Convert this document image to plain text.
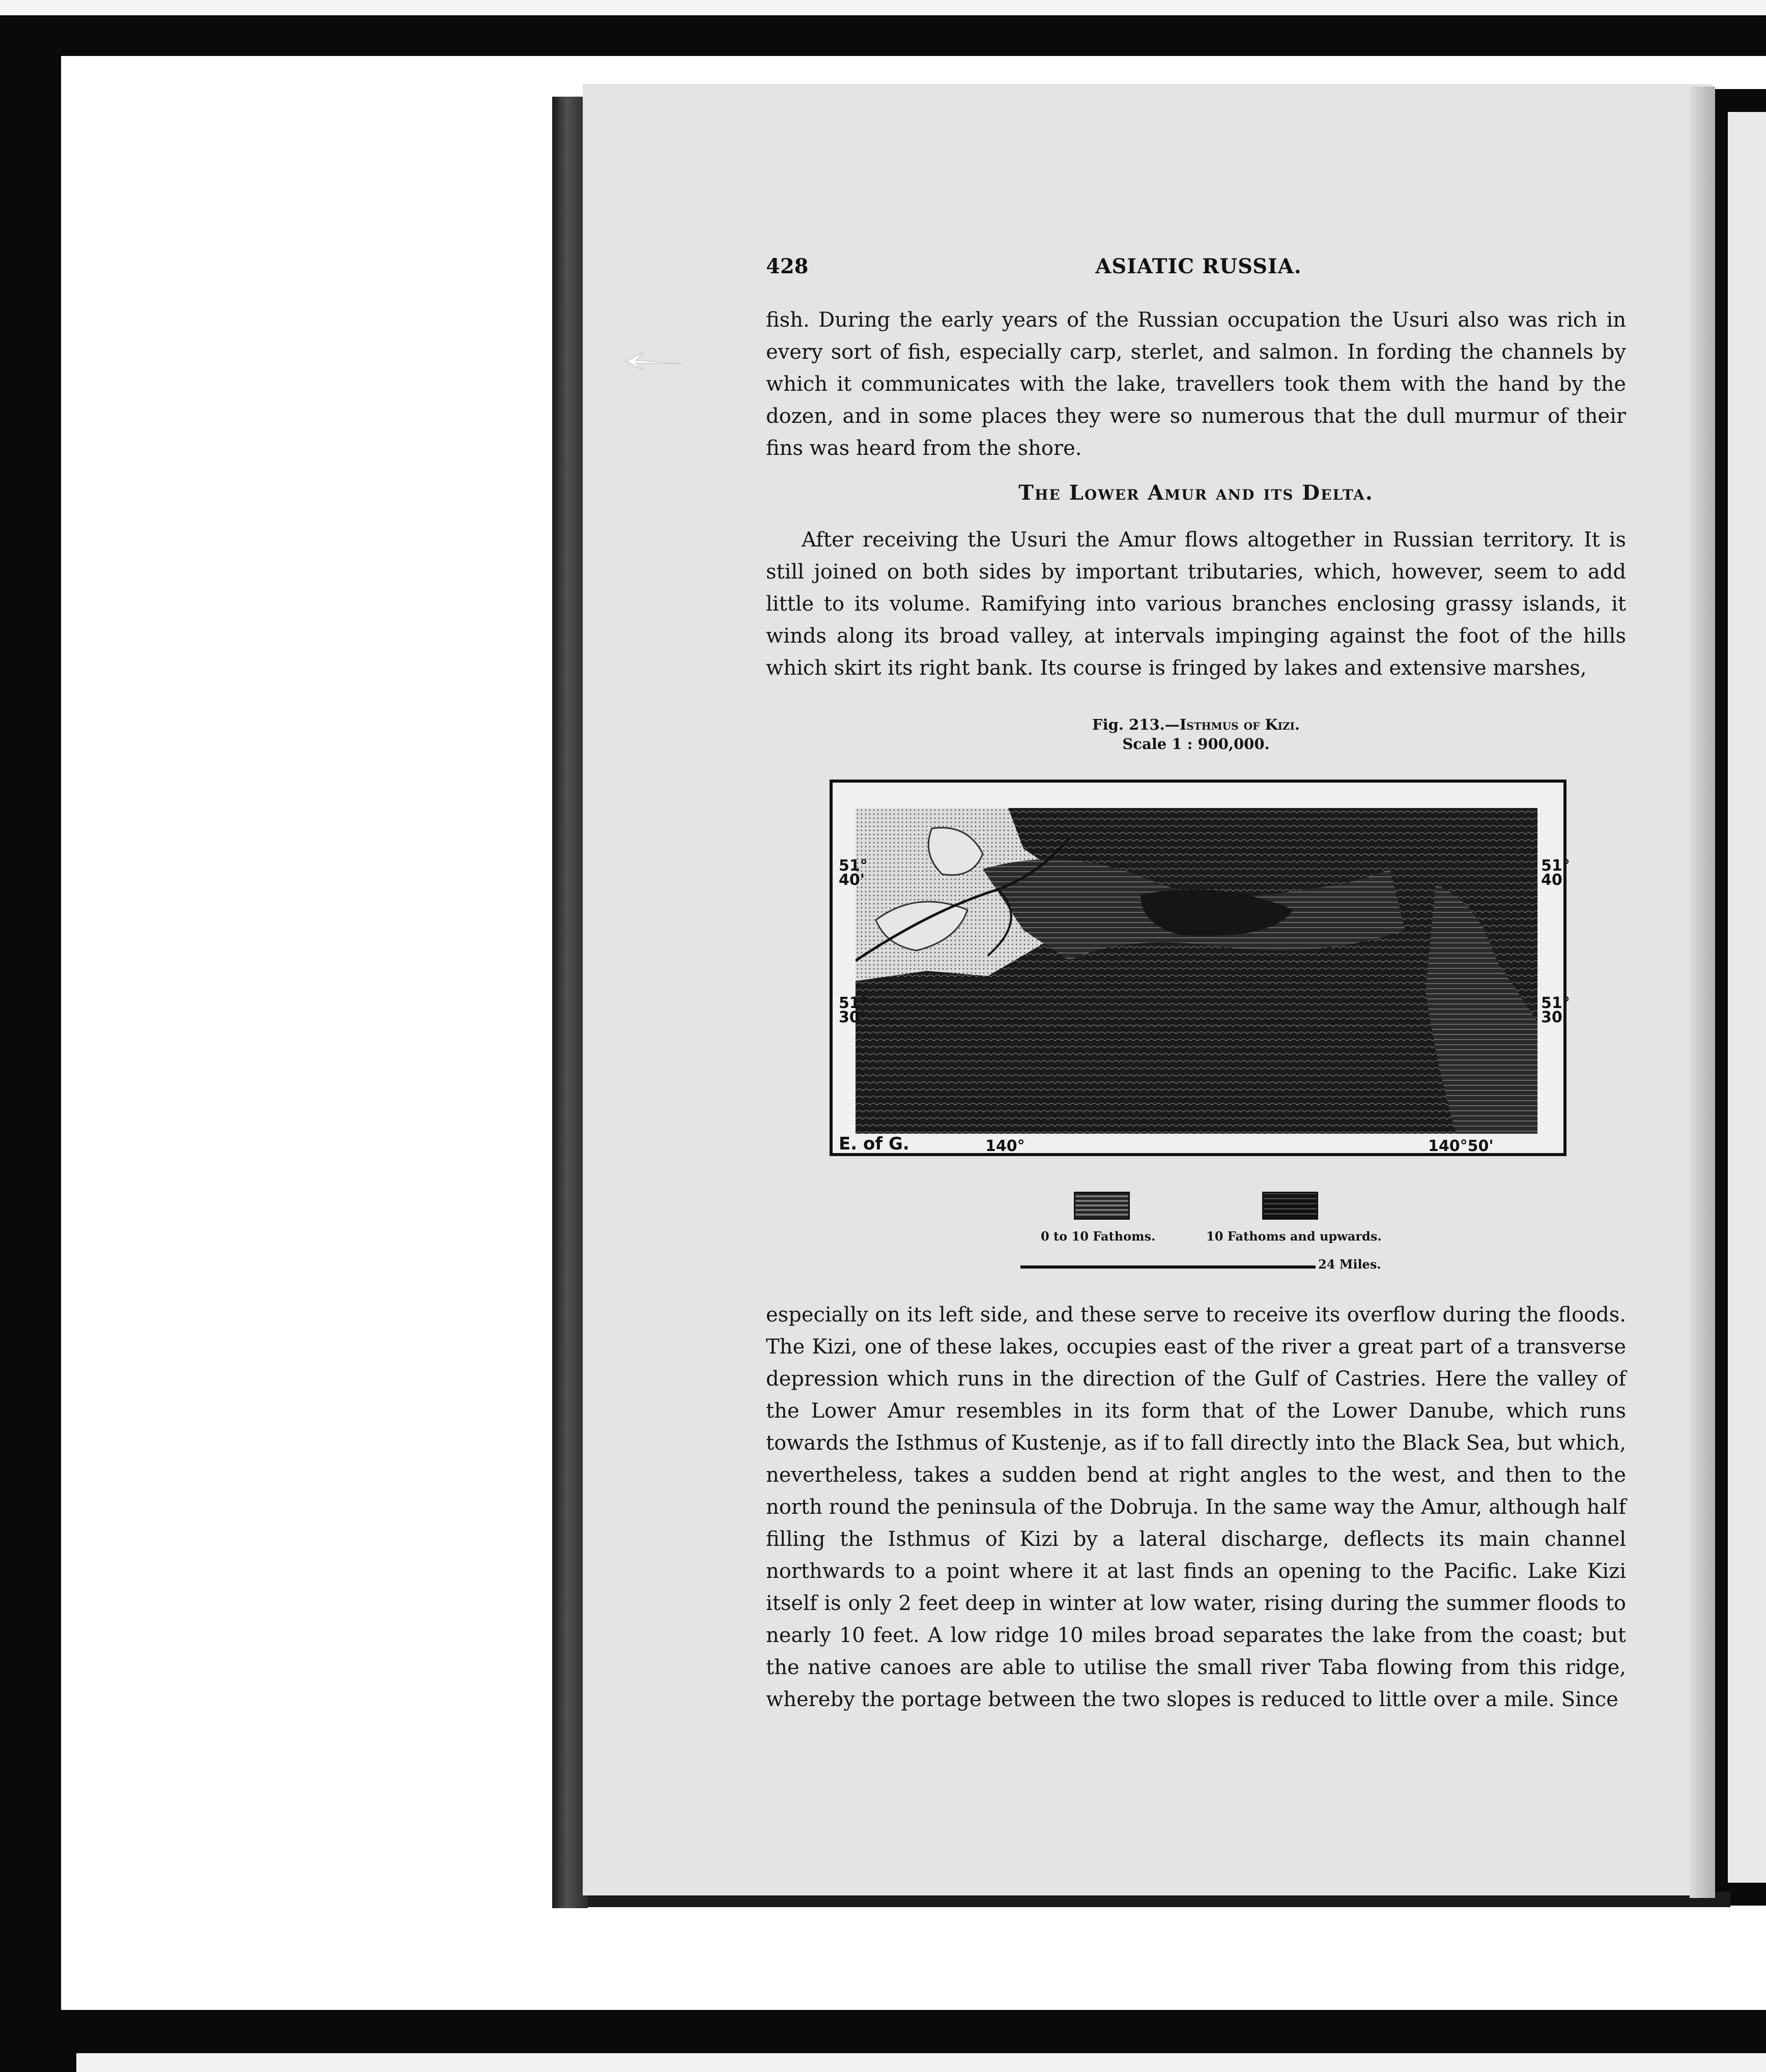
428	ASIATIC RUSSIA.

fish. During the early years of the Russian occupation the Usuri also was rich in every sort of fish, especially carp, sterlet, and salmon. In fording the channels by which it communicates with the lake, travellers took them with the hand by the dozen, and in some places they were so numerous that the dull murmur of their fins was heard from the shore.

The Lower Amur and its Delta.

After receiving the Usuri the Amur flows altogether in Russian territory. It is still joined on both sides by important tributaries, which, however, seem to add little to its volume. Ramifying into various branches enclosing grassy islands, it winds along its broad valley, at intervals impinging against the foot of the hills which skirt its right bank. Its course is fringed by lakes and extensive marshes,

Fig. 213.—Isthmus of Kizi.
Scale 1 : 900,000.
51°
40'
51°
40'
51°
30'
51°
30'
E. of G.	140°	140°50'
0 to 10 Fathoms.	10 Fathoms and upwards.
24 Miles.

especially on its left side, and these serve to receive its overflow during the floods. The Kizi, one of these lakes, occupies east of the river a great part of a transverse depression which runs in the direction of the Gulf of Castries. Here the valley of the Lower Amur resembles in its form that of the Lower Danube, which runs towards the Isthmus of Kustenje, as if to fall directly into the Black Sea, but which, nevertheless, takes a sudden bend at right angles to the west, and then to the north round the peninsula of the Dobruja. In the same way the Amur, although half filling the Isthmus of Kizi by a lateral discharge, deflects its main channel northwards to a point where it at last finds an opening to the Pacific. Lake Kizi itself is only 2 feet deep in winter at low water, rising during the summer floods to nearly 10 feet. A low ridge 10 miles broad separates the lake from the coast; but the native canoes are able to utilise the small river Taba flowing from this ridge, whereby the portage between the two slopes is reduced to little over a mile. Since
